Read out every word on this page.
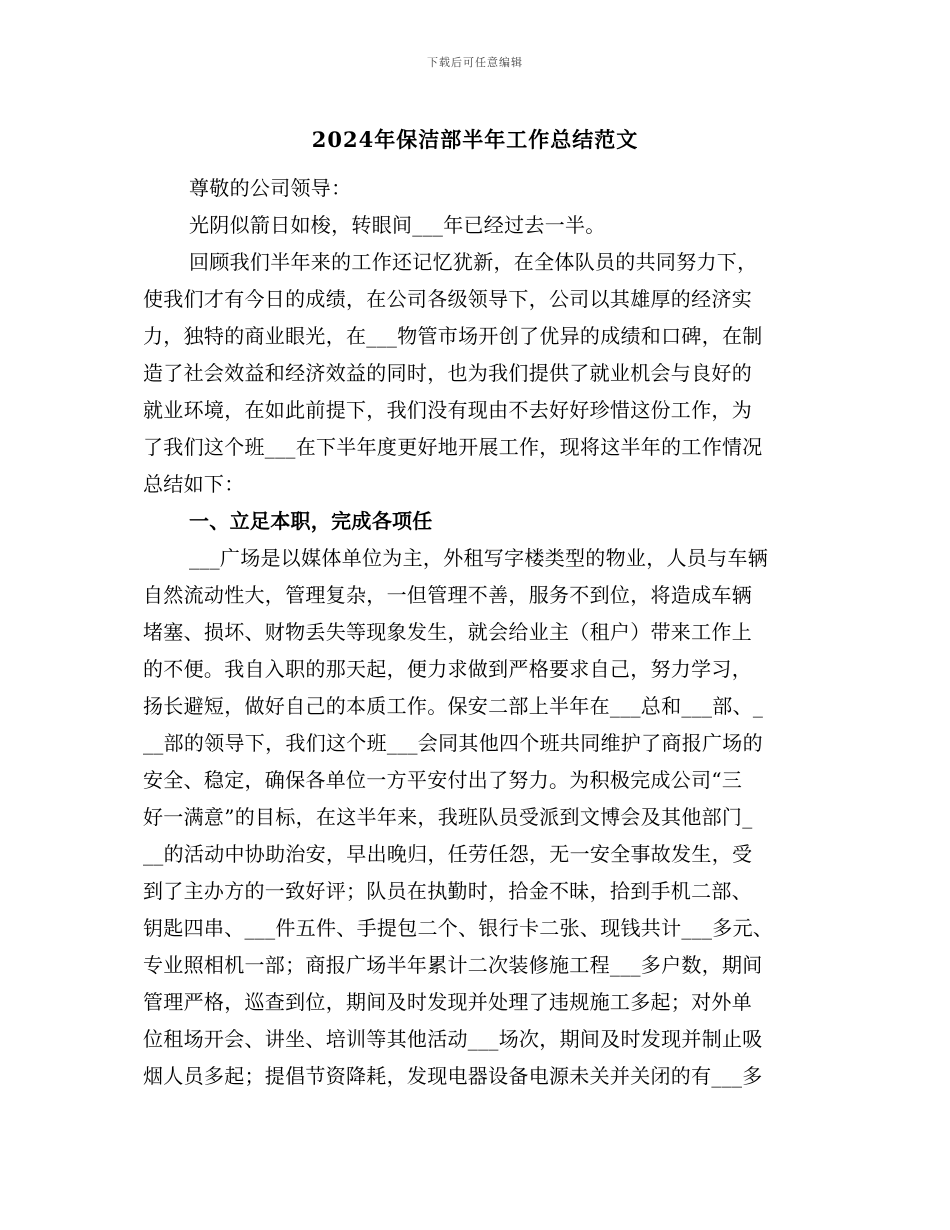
下载后可任意编辑
2024年保洁部半年工作总结范文
尊敬的公司领导：
光阴似箭日如梭，转眼间___年已经过去一半。
回顾我们半年来的工作还记忆犹新，在全体队员的共同努力下，
使我们才有今日的成绩，在公司各级领导下，公司以其雄厚的经济实
力，独特的商业眼光，在___物管市场开创了优异的成绩和口碑，在制
造了社会效益和经济效益的同时，也为我们提供了就业机会与良好的
就业环境，在如此前提下，我们没有现由不去好好珍惜这份工作，为
了我们这个班___在下半年度更好地开展工作，现将这半年的工作情况
总结如下：
一、立足本职，完成各项任
___广场是以媒体单位为主，外租写字楼类型的物业，人员与车辆
自然流动性大，管理复杂，一但管理不善，服务不到位，将造成车辆
堵塞、损坏、财物丢失等现象发生，就会给业主（租户）带来工作上
的不便。我自入职的那天起，便力求做到严格要求自己，努力学习，
扬长避短，做好自己的本质工作。保安二部上半年在___总和___部、_
__部的领导下，我们这个班___会同其他四个班共同维护了商报广场的
安全、稳定，确保各单位一方平安付出了努力。为积极完成公司“三
好一满意”的目标，在这半年来，我班队员受派到文博会及其他部门_
__的活动中协助治安，早出晚归，任劳任怨，无一安全事故发生，受
到了主办方的一致好评；队员在执勤时，拾金不昧，拾到手机二部、
钥匙四串、___件五件、手提包二个、银行卡二张、现钱共计___多元、
专业照相机一部；商报广场半年累计二次装修施工程___多户数，期间
管理严格，巡查到位，期间及时发现并处理了违规施工多起；对外单
位租场开会、讲坐、培训等其他活动___场次，期间及时发现并制止吸
烟人员多起；提倡节资降耗，发现电器设备电源未关并关闭的有___多
